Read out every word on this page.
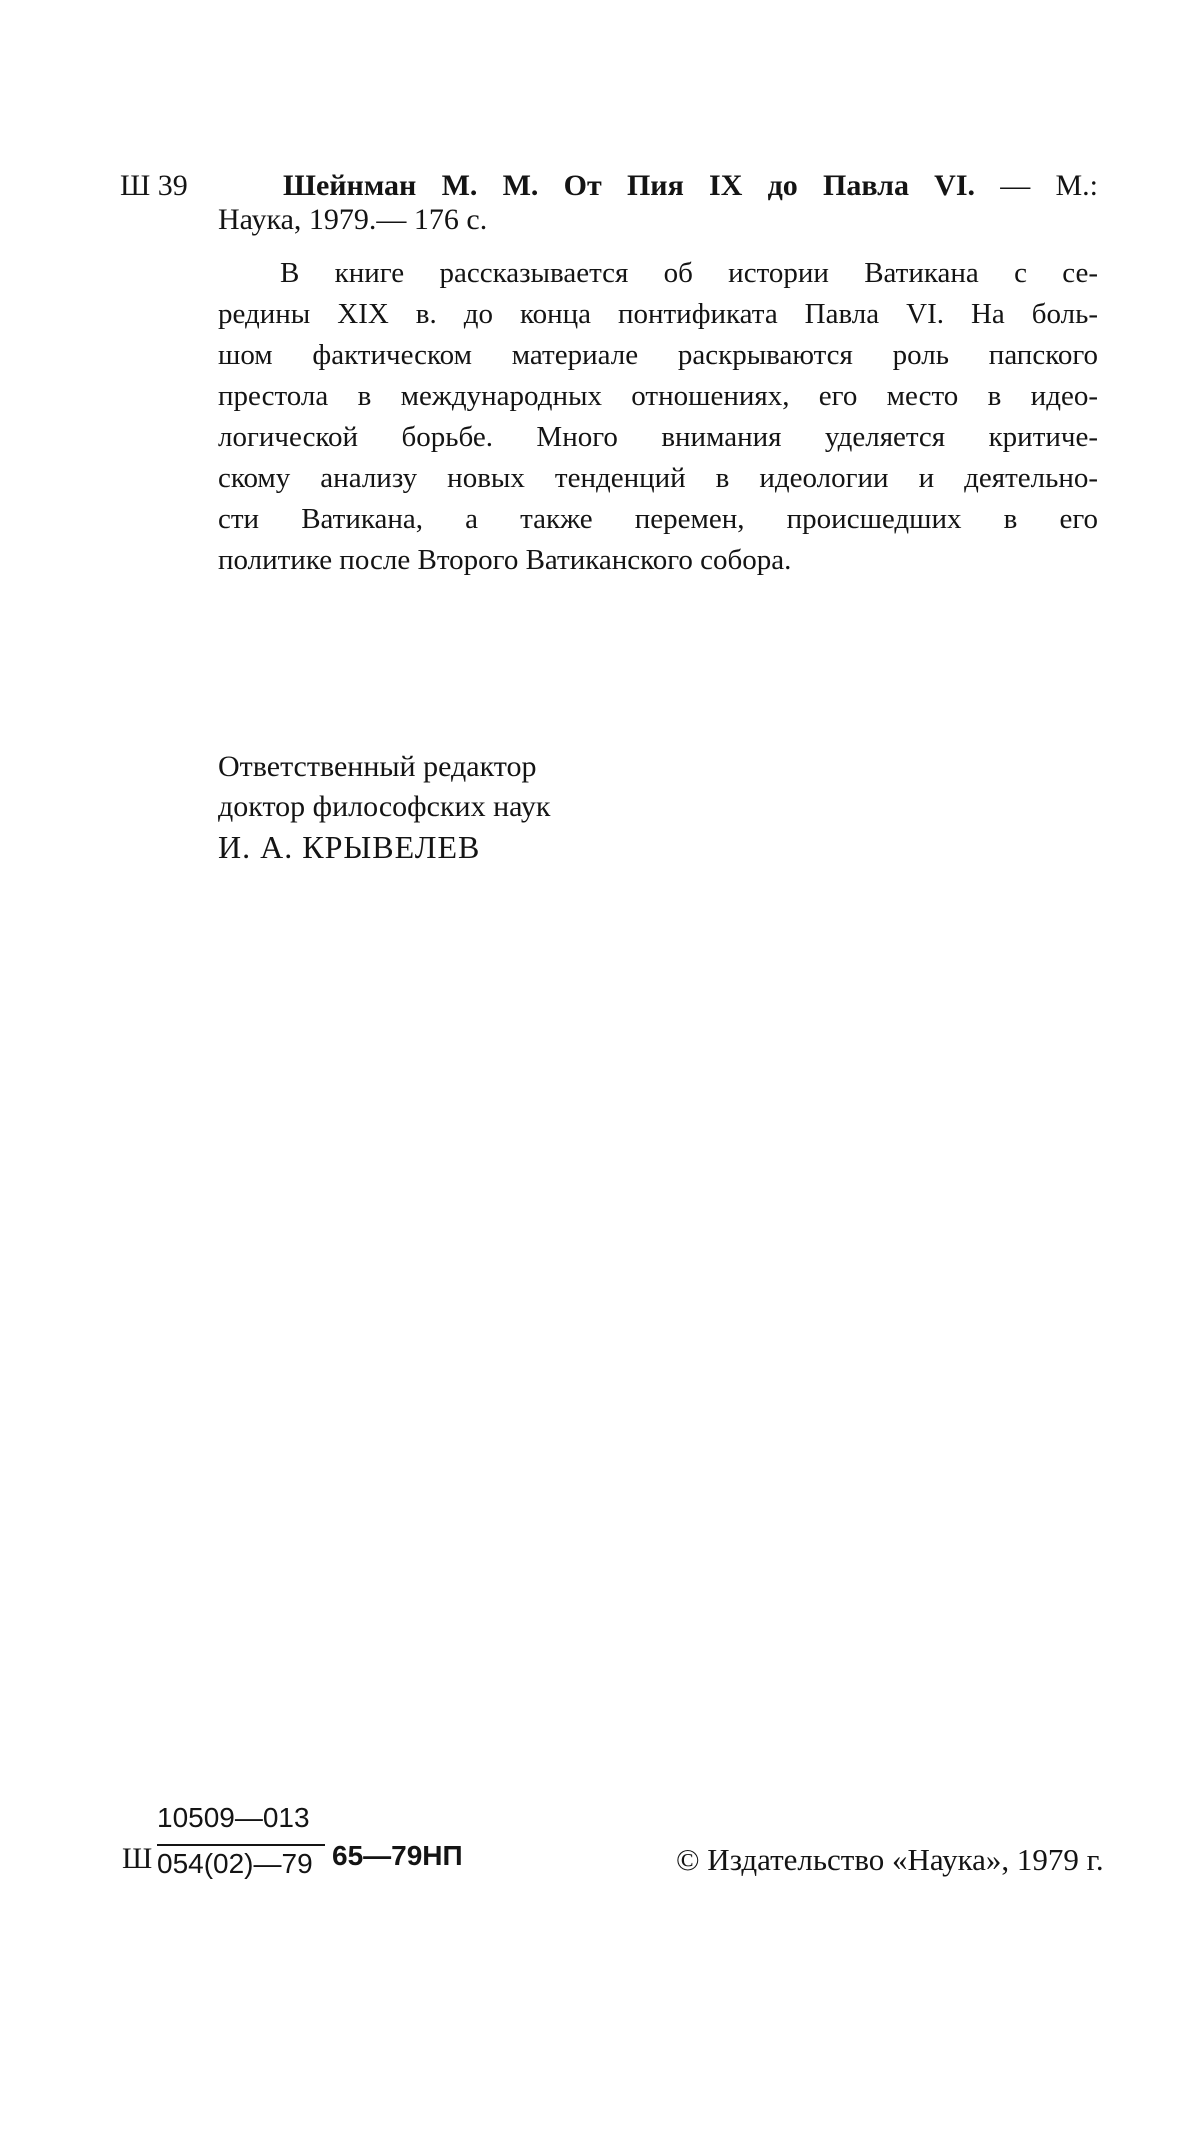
Ш 39	Шейнман М. М. От Пия IX до Павла VI. — М.:
Наука, 1979.— 176 с.
В книге рассказывается об истории Ватикана с се-
редины XIX в. до конца понтификата Павла VI. На боль-
шом фактическом материале раскрываются роль папского
престола в международных отношениях, его место в идео-
логической борьбе. Много внимания уделяется критиче-
скому анализу новых тенденций в идеологии и деятельно-
сти Ватикана, а также перемен, происшедших в его
политике после Второго Ватиканского собора.
Ответственный редактор
доктор философских наук
И. А. КРЫВЕЛЕВ
Ш
10509—013
054(02)—79 65—79НП	© Издательство «Наука», 1979 г.
